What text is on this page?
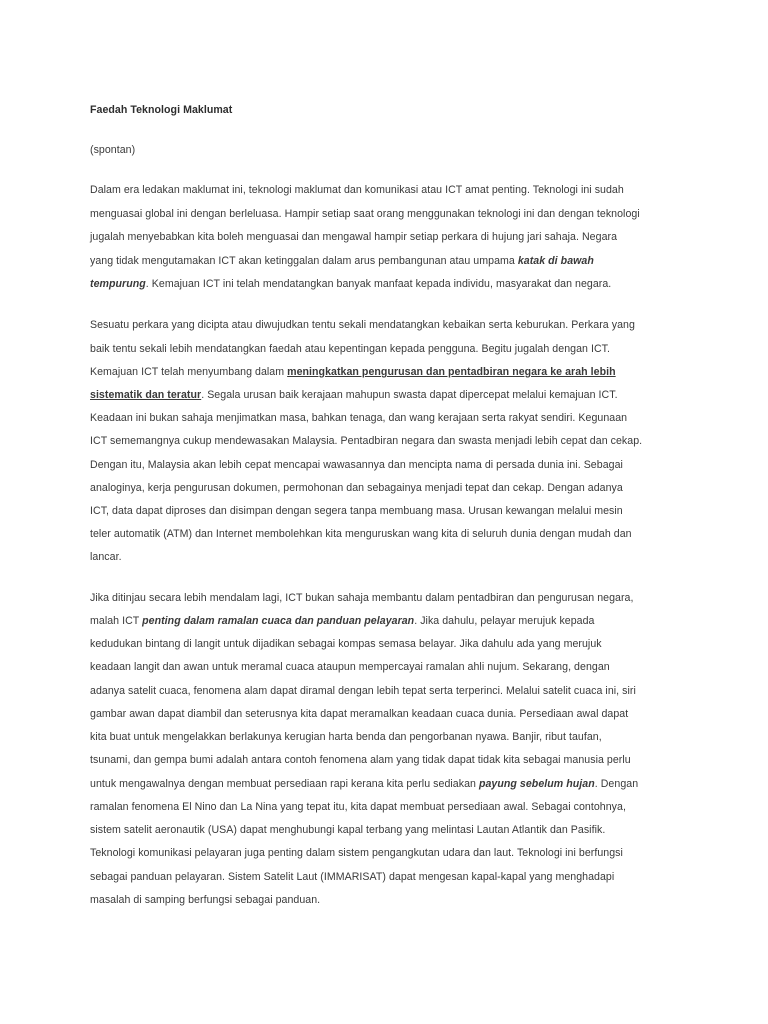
Faedah Teknologi Maklumat

(spontan)

Dalam era ledakan maklumat ini, teknologi maklumat dan komunikasi atau ICT amat penting. Teknologi ini sudah

menguasai global ini dengan berleluasa. Hampir setiap saat orang menggunakan teknologi ini dan dengan teknologi

jugalah menyebabkan kita boleh menguasai dan mengawal hampir setiap perkara di hujung jari sahaja. Negara

yang tidak mengutamakan ICT akan ketinggalan dalam arus pembangunan atau umpama katak di bawah

tempurung. Kemajuan ICT ini telah mendatangkan banyak manfaat kepada individu, masyarakat dan negara.

Sesuatu perkara yang dicipta atau diwujudkan tentu sekali mendatangkan kebaikan serta keburukan. Perkara yang

baik tentu sekali lebih mendatangkan faedah atau kepentingan kepada pengguna. Begitu jugalah dengan ICT.

Kemajuan ICT telah menyumbang dalam meningkatkan pengurusan dan pentadbiran negara ke arah lebih

sistematik dan teratur. Segala urusan baik kerajaan mahupun swasta dapat dipercepat melalui kemajuan ICT.

Keadaan ini bukan sahaja menjimatkan masa, bahkan tenaga, dan wang kerajaan serta rakyat sendiri. Kegunaan

ICT sememangnya cukup mendewasakan Malaysia. Pentadbiran negara dan swasta menjadi lebih cepat dan cekap.

Dengan itu, Malaysia akan lebih cepat mencapai wawasannya dan mencipta nama di persada dunia ini. Sebagai

analoginya, kerja pengurusan dokumen, permohonan dan sebagainya menjadi tepat dan cekap. Dengan adanya

ICT, data dapat diproses dan disimpan dengan segera tanpa membuang masa. Urusan kewangan melalui mesin

teler automatik (ATM) dan Internet membolehkan kita menguruskan wang kita di seluruh dunia dengan mudah dan

lancar.

Jika ditinjau secara lebih mendalam lagi, ICT bukan sahaja membantu dalam pentadbiran dan pengurusan negara,

malah ICT penting dalam ramalan cuaca dan panduan pelayaran. Jika dahulu, pelayar merujuk kepada

kedudukan bintang di langit untuk dijadikan sebagai kompas semasa belayar. Jika dahulu ada yang merujuk

keadaan langit dan awan untuk meramal cuaca ataupun mempercayai ramalan ahli nujum. Sekarang, dengan

adanya satelit cuaca, fenomena alam dapat diramal dengan lebih tepat serta terperinci. Melalui satelit cuaca ini, siri

gambar awan dapat diambil dan seterusnya kita dapat meramalkan keadaan cuaca dunia. Persediaan awal dapat

kita buat untuk mengelakkan berlakunya kerugian harta benda dan pengorbanan nyawa. Banjir, ribut taufan,

tsunami, dan gempa bumi adalah antara contoh fenomena alam yang tidak dapat tidak kita sebagai manusia perlu

untuk mengawalnya dengan membuat persediaan rapi kerana kita perlu sediakan payung sebelum hujan. Dengan

ramalan fenomena El Nino dan La Nina yang tepat itu, kita dapat membuat persediaan awal. Sebagai contohnya,

sistem satelit aeronautik (USA) dapat menghubungi kapal terbang yang melintasi Lautan Atlantik dan Pasifik.

Teknologi komunikasi pelayaran juga penting dalam sistem pengangkutan udara dan laut. Teknologi ini berfungsi

sebagai panduan pelayaran. Sistem Satelit Laut (IMMARISAT) dapat mengesan kapal-kapal yang menghadapi

masalah di samping berfungsi sebagai panduan.
